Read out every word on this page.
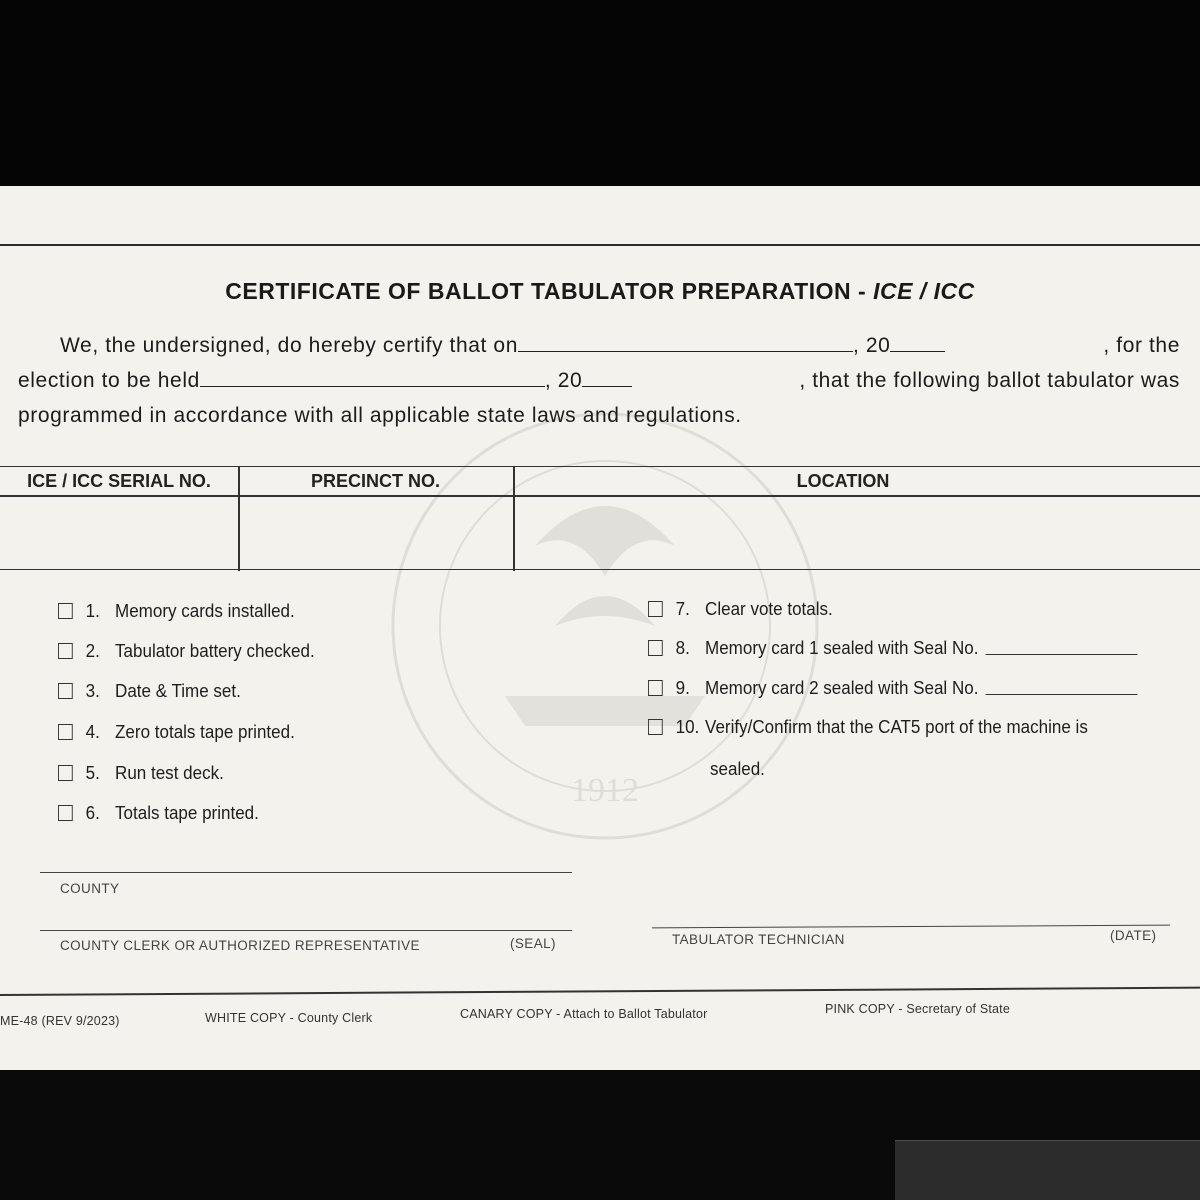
1912
CERTIFICATE OF BALLOT TABULATOR PREPARATION - ICE / ICC
We, the undersigned, do hereby certify that on	, 20	, for the
election to be held	, 20	, that the following ballot tabulator was
programmed in accordance with all applicable state laws and regulations.
ICE / ICC SERIAL NO.	PRECINCT NO.	LOCATION
1. Memory cards installed.
2. Tabulator battery checked.
3. Date & Time set.
4. Zero totals tape printed.
5. Run test deck.
6. Totals tape printed.
7. Clear vote totals.
8. Memory card 1 sealed with Seal No.
9. Memory card 2 sealed with Seal No.
10. Verify/Confirm that the CAT5 port of the machine is
sealed.
COUNTY
COUNTY CLERK OR AUTHORIZED REPRESENTATIVE	(SEAL)	TABULATOR TECHNICIAN	(DATE)
ME-48 (REV 9/2023)	WHITE COPY - County Clerk	CANARY COPY - Attach to Ballot Tabulator	PINK COPY - Secretary of State
